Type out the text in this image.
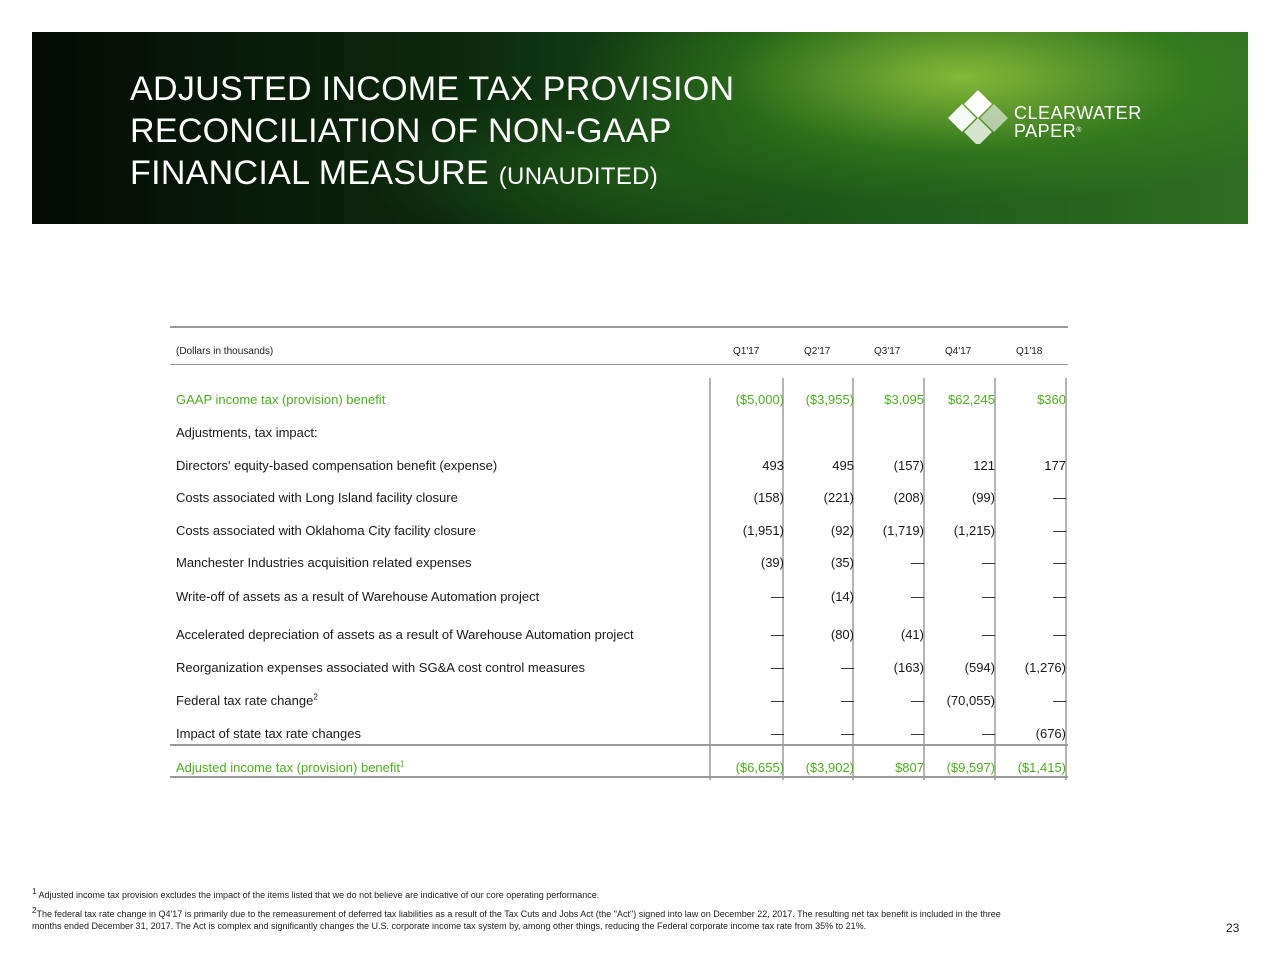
ADJUSTED INCOME TAX PROVISION
RECONCILIATION OF NON-GAAP
FINANCIAL MEASURE (UNAUDITED)
CLEARWATER
PAPER®
(Dollars in thousands)	Q1'17	Q2'17	Q3'17	Q4'17	Q1'18
GAAP income tax (provision) benefit	($5,000)	($3,955)	$3,095	$62,245	$360
Adjustments, tax impact:
Directors' equity-based compensation benefit (expense)	493	495	(157)	121	177
Costs associated with Long Island facility closure	(158)	(221)	(208)	(99)	—
Costs associated with Oklahoma City facility closure	(1,951)	(92)	(1,719)	(1,215)	—
Manchester Industries acquisition related expenses	(39)	(35)	—	—	—
Write-off of assets as a result of Warehouse Automation project	—	(14)	—	—	—
Accelerated depreciation of assets as a result of Warehouse Automation project	—	(80)	(41)	—	—
Reorganization expenses associated with SG&A cost control measures	—	—	(163)	(594)	(1,276)
Federal tax rate change$^2$	—	—	—	(70,055)	—
Impact of state tax rate changes	—	—	—	—	(676)
Adjusted income tax (provision) benefit$^1$	($6,655)	($3,902)	$807	($9,597)	($1,415)
1 Adjusted income tax provision excludes the impact of the items listed that we do not believe are indicative of our core operating performance.
2The federal tax rate change in Q4'17 is primarily due to the remeasurement of deferred tax liabilities as a result of the Tax Cuts and Jobs Act (the "Act") signed into law on December 22, 2017. The resulting net tax benefit is included in the three
months ended December 31, 2017. The Act is complex and significantly changes the U.S. corporate income tax system by, among other things, reducing the Federal corporate income tax rate from 35% to 21%.	23
